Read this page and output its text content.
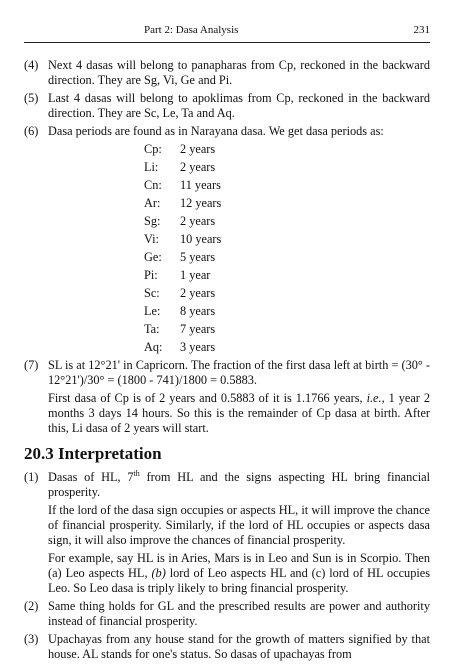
Part 2: Dasa Analysis	231
(4) Next 4 dasas will belong to panapharas from Cp, reckoned in the backward direction. They are Sg, Vi, Ge and Pi.
(5) Last 4 dasas will belong to apoklimas from Cp, reckoned in the backward direction. They are Sc, Le, Ta and Aq.
(6) Dasa periods are found as in Narayana dasa. We get dasa periods as:
Cp:	2 years
Li:	2 years
Cn:	11 years
Ar:	12 years
Sg:	2 years
Vi:	10 years
Ge:	5 years
Pi:	1 year
Sc:	2 years
Le:	8 years
Ta:	7 years
Aq:	3 years
(7) SL is at 12°21' in Capricorn. The fraction of the first dasa left at birth = (30° - 12°21')/30° = (1800 - 741)/1800 = 0.5883.
First dasa of Cp is of 2 years and 0.5883 of it is 1.1766 years, i.e., 1 year 2 months 3 days 14 hours. So this is the remainder of Cp dasa at birth. After this, Li dasa of 2 years will start.
20.3 Interpretation
(1) Dasas of HL, 7th from HL and the signs aspecting HL bring financial prosperity.
If the lord of the dasa sign occupies or aspects HL, it will improve the chance of financial prosperity. Similarly, if the lord of HL occupies or aspects dasa sign, it will also improve the chances of financial prosperity.
For example, say HL is in Aries, Mars is in Leo and Sun is in Scorpio. Then (a) Leo aspects HL, (b) lord of Leo aspects HL and (c) lord of HL occupies Leo. So Leo dasa is triply likely to bring financial prosperity.
(2) Same thing holds for GL and the prescribed results are power and authority instead of financial prosperity.
(3) Upachayas from any house stand for the growth of matters signified by that house. AL stands for one's status. So dasas of upachayas from
